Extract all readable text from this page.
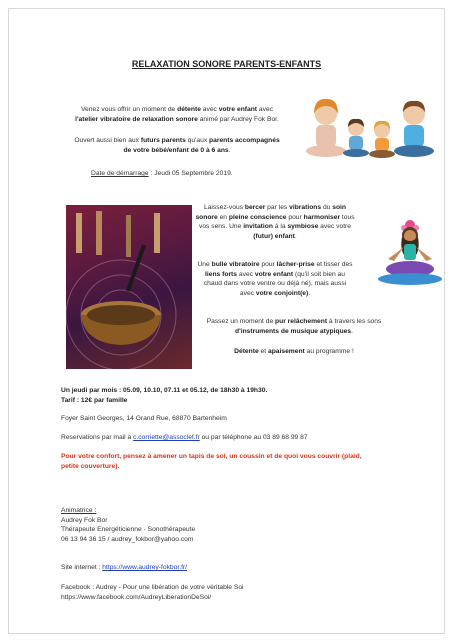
RELAXATION SONORE PARENTS-ENFANTS
Venez vous offrir un moment de détente avec votre enfant avec
l'atelier vibratoire de relaxation sonore animé par Audrey Fok Bor.
Ouvert aussi bien aux futurs parents qu'aux parents accompagnés
de votre bébé/enfant de 0 à 6 ans.
Date de démarrage : Jeudi 05 Septembre 2019.
Laissez-vous bercer par les vibrations du soin
sonore en pleine conscience pour harmoniser tous
vos sens. Une invitation à la symbiose avec votre
(futur) enfant.
Une bulle vibratoire pour lâcher-prise et tisser des
liens forts avec votre enfant (qu'il soit bien au
chaud dans votre ventre ou déjà né), mais aussi
avec votre conjoint(e).
Passez un moment de pur relâchement à travers les sons
d'instruments de musique atypiques.
Détente et apaisement au programme !
Un jeudi par mois : 05.09, 10.10, 07.11 et 05.12, de 18h30 à 19h30.
Tarif : 12€ par famille
Foyer Saint Georges, 14 Grand Rue, 68870 Bartenheim
Reservations par mail à c.corriette@assoclef.fr ou par téléphone au 03 89 68 99 87
Pour votre confort, pensez à amener un tapis de sol, un coussin et de quoi vous couvrir (plaid,
petite couverture).
Animatrice :
Audrey Fok Bor
Thérapeute Energéticienne - Sonothérapeute
06 13 94 36 15 / audrey_fokbor@yahoo.com
Site internet : https://www.audrey-fokbor.fr/
Facebook : Audrey - Pour une libération de votre véritable Soi
https://www.facebook.com/AudreyLiberationDeSoi/
